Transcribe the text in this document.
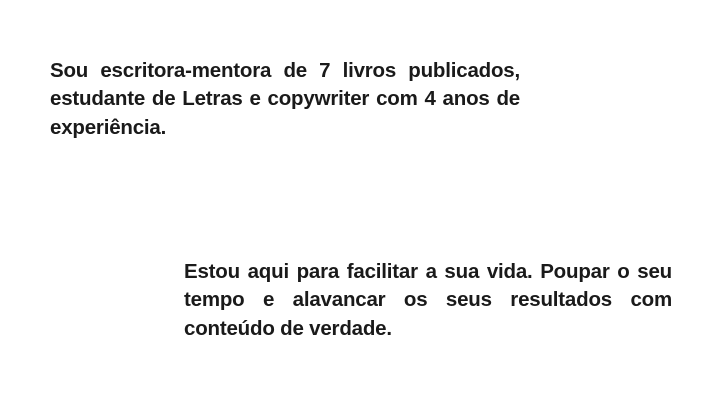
Sou escritora-mentora de 7 livros publicados, estudante de Letras e copywriter com 4 anos de experiência.

Estou aqui para facilitar a sua vida. Poupar o seu tempo e alavancar os seus resultados com conteúdo de verdade.
